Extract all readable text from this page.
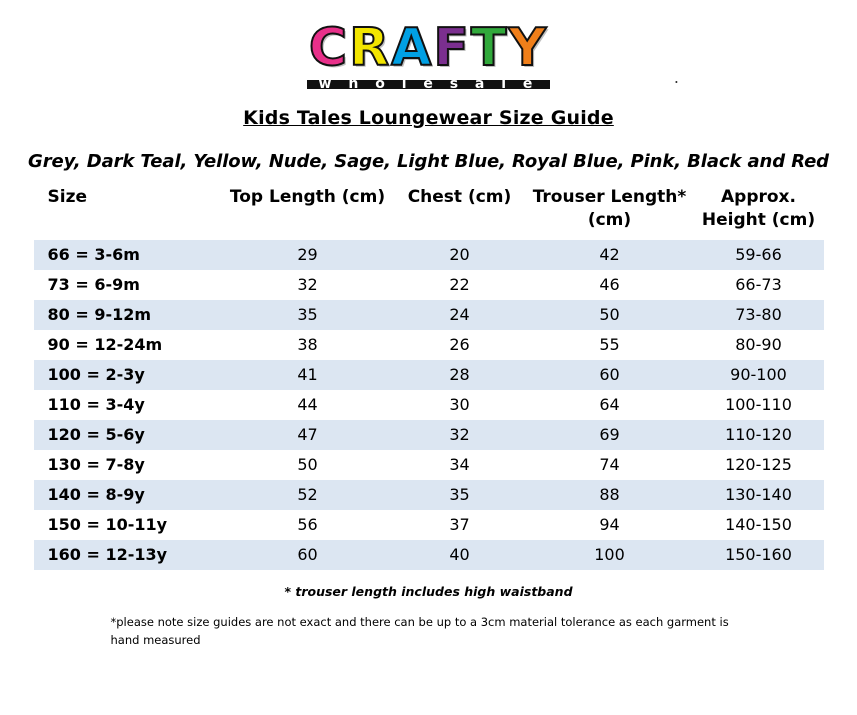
CRAFTY
w h o l e s a l e	.
Kids Tales Loungewear Size Guide
Grey, Dark Teal, Yellow, Nude, Sage, Light Blue, Royal Blue, Pink, Black and Red
Size	Top Length (cm)	Chest (cm)	Trouser Length* (cm)	Approx. Height (cm)
66 = 3-6m	29	20	42	59-66
73 = 6-9m	32	22	46	66-73
80 = 9-12m	35	24	50	73-80
90 = 12-24m	38	26	55	80-90
100 = 2-3y	41	28	60	90-100
110 = 3-4y	44	30	64	100-110
120 = 5-6y	47	32	69	110-120
130 = 7-8y	50	34	74	120-125
140 = 8-9y	52	35	88	130-140
150 = 10-11y	56	37	94	140-150
160 = 12-13y	60	40	100	150-160
* trouser length includes high waistband
*please note size guides are not exact and there can be up to a 3cm material tolerance as each garment is hand measured
